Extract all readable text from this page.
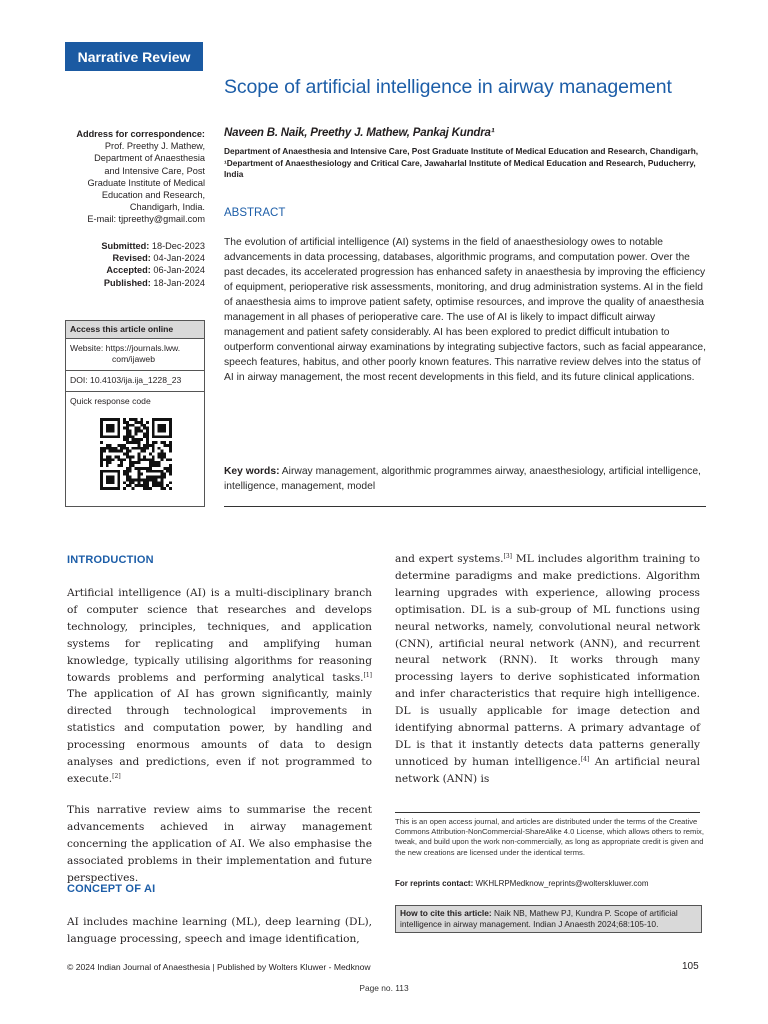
Narrative Review
Scope of artificial intelligence in airway management
Address for correspondence:
Prof. Preethy J. Mathew,
Department of Anaesthesia
and Intensive Care, Post
Graduate Institute of Medical
Education and Research,
Chandigarh, India.
E-mail: tjpreethy@gmail.com
Submitted: 18-Dec-2023
Revised: 04-Jan-2024
Accepted: 06-Jan-2024
Published: 18-Jan-2024
Access this article online
Website: https://journals.lww.
com/ijaweb
DOI: 10.4103/ija.ija_1228_23
Quick response code
Naveen B. Naik, Preethy J. Mathew, Pankaj Kundra¹
Department of Anaesthesia and Intensive Care, Post Graduate Institute of Medical Education and Research, Chandigarh, ¹Department of Anaesthesiology and Critical Care, Jawaharlal Institute of Medical Education and Research, Puducherry, India
ABSTRACT
The evolution of artificial intelligence (AI) systems in the field of anaesthesiology owes to notable advancements in data processing, databases, algorithmic programs, and computation power. Over the past decades, its accelerated progression has enhanced safety in anaesthesia by improving the efficiency of equipment, perioperative risk assessments, monitoring, and drug administration systems. AI in the field of anaesthesia aims to improve patient safety, optimise resources, and improve the quality of anaesthesia management in all phases of perioperative care. The use of AI is likely to impact difficult airway management and patient safety considerably. AI has been explored to predict difficult intubation to outperform conventional airway examinations by integrating subjective factors, such as facial appearance, speech features, habitus, and other poorly known features. This narrative review delves into the status of AI in airway management, the most recent developments in this field, and its future clinical applications.
Key words: Airway management, algorithmic programmes airway, anaesthesiology, artificial intelligence, intelligence, management, model
INTRODUCTION

Artificial intelligence (AI) is a multi-disciplinary branch of computer science that researches and develops technology, principles, techniques, and application systems for replicating and amplifying human knowledge, typically utilising algorithms for reasoning towards problems and performing analytical tasks.[1] The application of AI has grown significantly, mainly directed through technological improvements in statistics and computation power, by handling and processing enormous amounts of data to design analyses and predictions, even if not programmed to execute.[2]

This narrative review aims to summarise the recent advancements achieved in airway management concerning the application of AI. We also emphasise the associated problems in their implementation and future perspectives.

CONCEPT OF AI
AI includes machine learning (ML), deep learning (DL), language processing, speech and image identification,

and expert systems.[3] ML includes algorithm training to determine paradigms and make predictions. Algorithm learning upgrades with experience, allowing process optimisation. DL is a sub-group of ML functions using neural networks, namely, convolutional neural network (CNN), artificial neural network (ANN), and recurrent neural network (RNN). It works through many processing layers to derive sophisticated information and infer characteristics that require high intelligence. DL is usually applicable for image detection and identifying abnormal patterns. A primary advantage of DL is that it instantly detects data patterns generally unnoticed by human intelligence.[4] An artificial neural network (ANN) is

This is an open access journal, and articles are distributed under the terms of the Creative Commons Attribution-NonCommercial-ShareAlike 4.0 License, which allows others to remix, tweak, and build upon the work non-commercially, as long as appropriate credit is given and the new creations are licensed under the identical terms.
For reprints contact: WKHLRPMedknow_reprints@wolterskluwer.com
How to cite this article: Naik NB, Mathew PJ, Kundra P. Scope of artificial intelligence in airway management. Indian J Anaesth 2024;68:105-10.
© 2024 Indian Journal of Anaesthesia | Published by Wolters Kluwer - Medknow	105
Page no. 113
